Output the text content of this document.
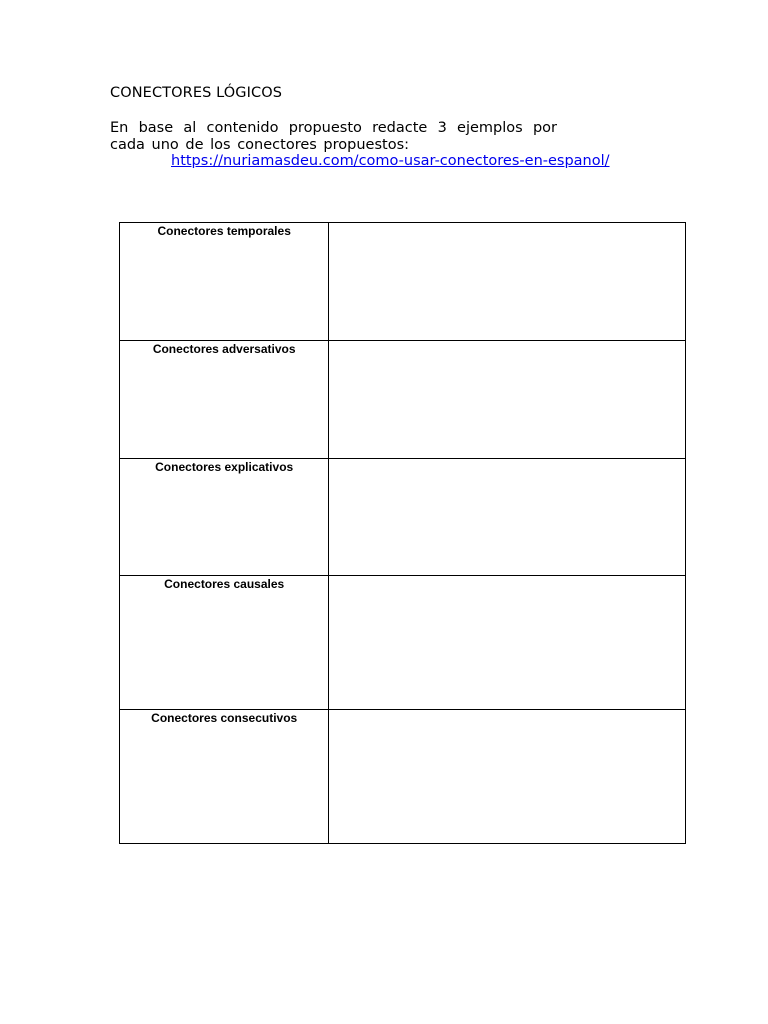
CONECTORES LÓGICOS
En base al contenido propuesto redacte 3 ejemplos por
cada uno de los conectores propuestos:
https://nuriamasdeu.com/como-usar-conectores-en-espanol/
Conectores temporales	

Conectores adversativos	

Conectores explicativos	

Conectores causales	

Conectores consecutivos	
